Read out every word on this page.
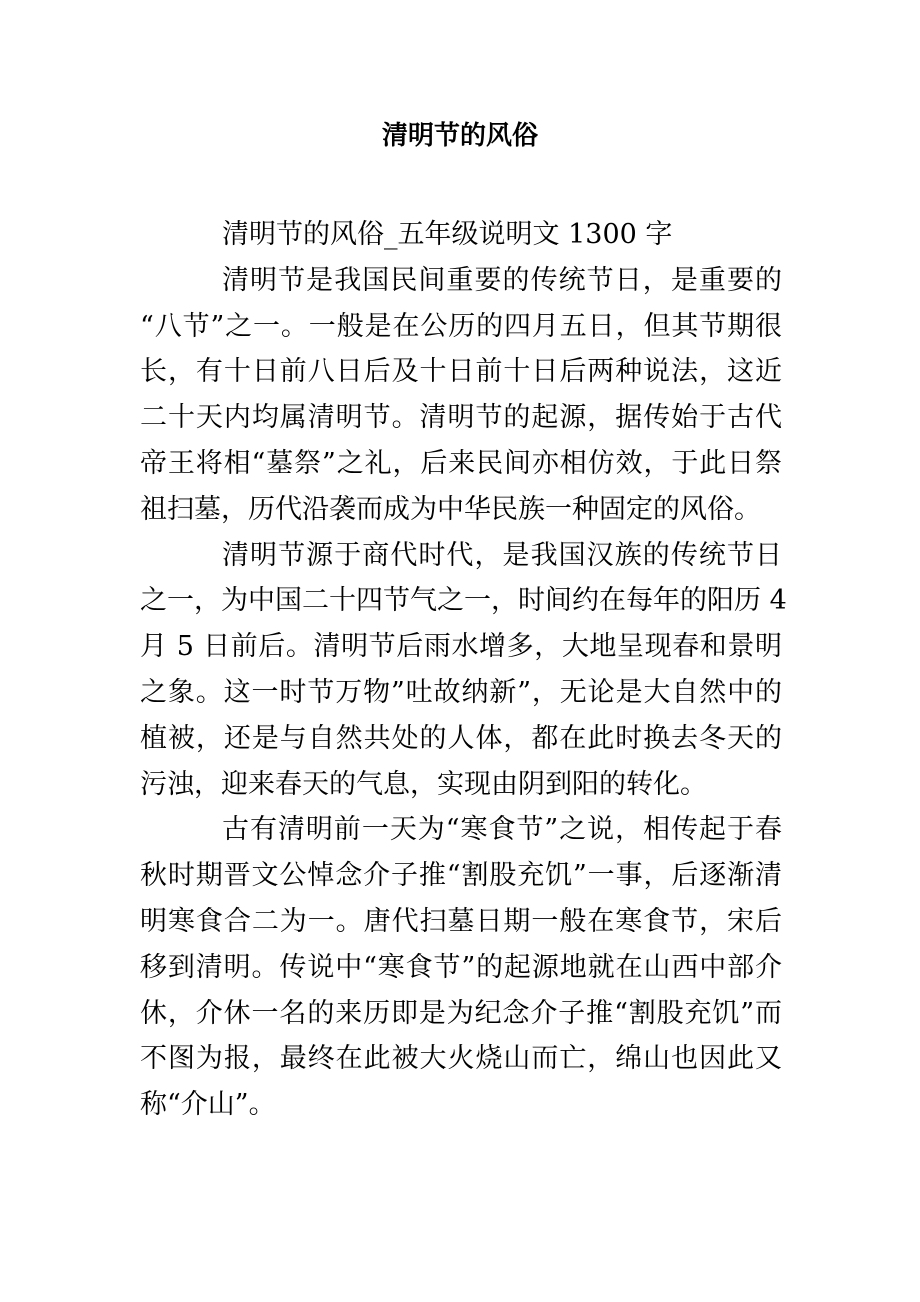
清明节的风俗
清明节的风俗_五年级说明文 1300 字
清明节是我国民间重要的传统节日，是重要的
“八节”之一。一般是在公历的四月五日，但其节期很
长，有十日前八日后及十日前十日后两种说法，这近
二十天内均属清明节。清明节的起源，据传始于古代
帝王将相“墓祭”之礼，后来民间亦相仿效，于此日祭
祖扫墓，历代沿袭而成为中华民族一种固定的风俗。
清明节源于商代时代，是我国汉族的传统节日
之一，为中国二十四节气之一，时间约在每年的阳历 4
月 5 日前后。清明节后雨水增多，大地呈现春和景明
之象。这一时节万物”吐故纳新”，无论是大自然中的
植被，还是与自然共处的人体，都在此时换去冬天的
污浊，迎来春天的气息，实现由阴到阳的转化。
古有清明前一天为“寒食节”之说，相传起于春
秋时期晋文公悼念介子推“割股充饥”一事，后逐渐清
明寒食合二为一。唐代扫墓日期一般在寒食节，宋后
移到清明。传说中“寒食节”的起源地就在山西中部介
休，介休一名的来历即是为纪念介子推“割股充饥”而
不图为报，最终在此被大火烧山而亡，绵山也因此又
称“介山”。
